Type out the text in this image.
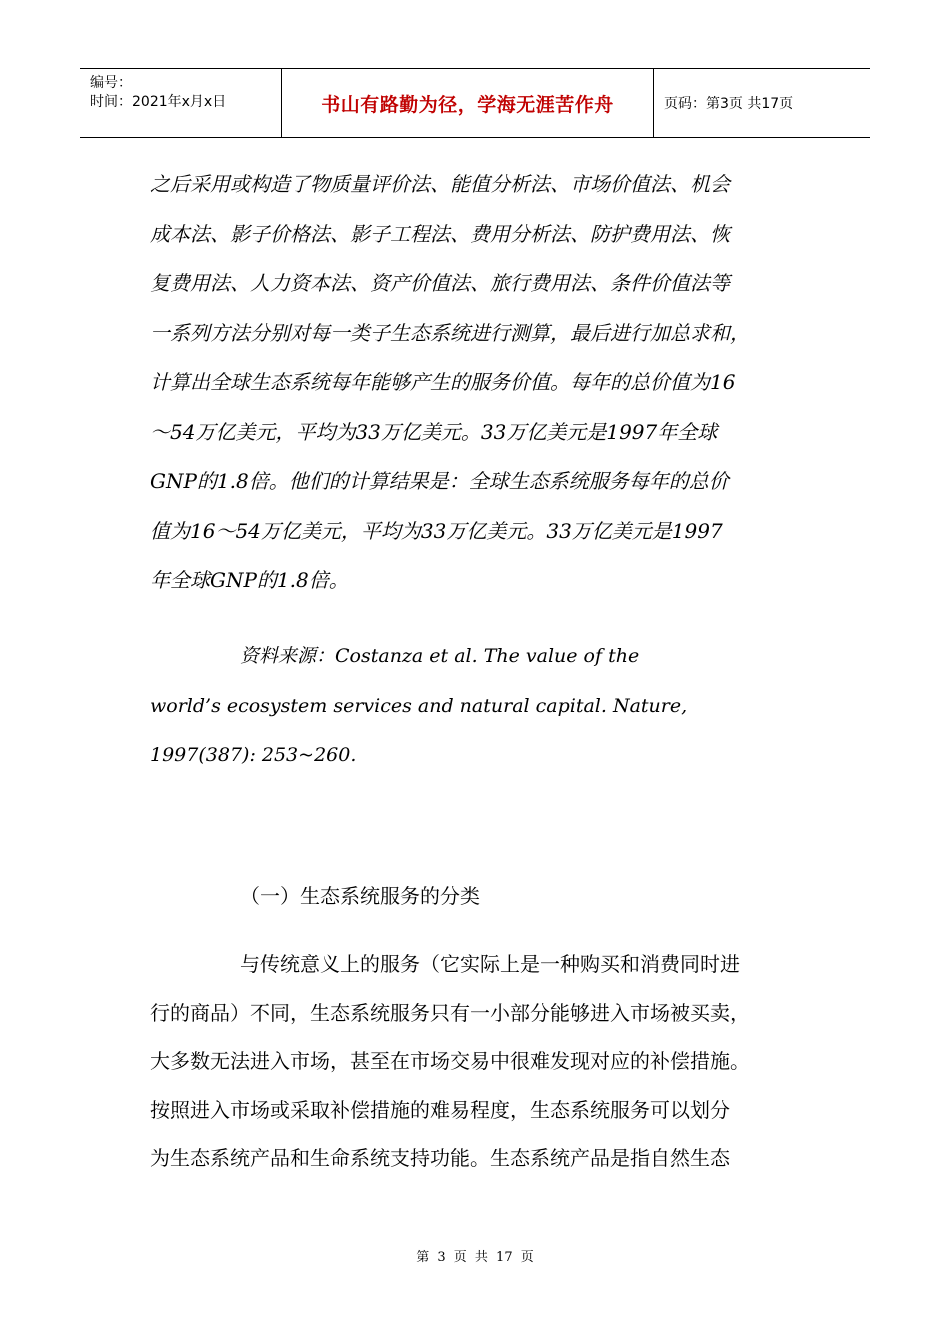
编号：
时间：2021年x月x日	书山有路勤为径，学海无涯苦作舟	页码：第3页 共17页
之后采用或构造了物质量评价法、能值分析法、市场价值法、机会
成本法、影子价格法、影子工程法、费用分析法、防护费用法、恢
复费用法、人力资本法、资产价值法、旅行费用法、条件价值法等
一系列方法分别对每一类子生态系统进行测算，最后进行加总求和，
计算出全球生态系统每年能够产生的服务价值。每年的总价值为16
～54万亿美元，平均为33万亿美元。33万亿美元是1997年全球
GNP的1.8倍。他们的计算结果是：全球生态系统服务每年的总价
值为16～54万亿美元，平均为33万亿美元。33万亿美元是1997
年全球GNP的1.8倍。
资料来源：Costanza et al. The value of the
world’s ecosystem services and natural capital. Nature,
1997(387): 253~260.
（一）生态系统服务的分类
与传统意义上的服务（它实际上是一种购买和消费同时进
行的商品）不同，生态系统服务只有一小部分能够进入市场被买卖，
大多数无法进入市场，甚至在市场交易中很难发现对应的补偿措施。
按照进入市场或采取补偿措施的难易程度，生态系统服务可以划分
为生态系统产品和生命系统支持功能。生态系统产品是指自然生态
第 3 页 共 17 页
